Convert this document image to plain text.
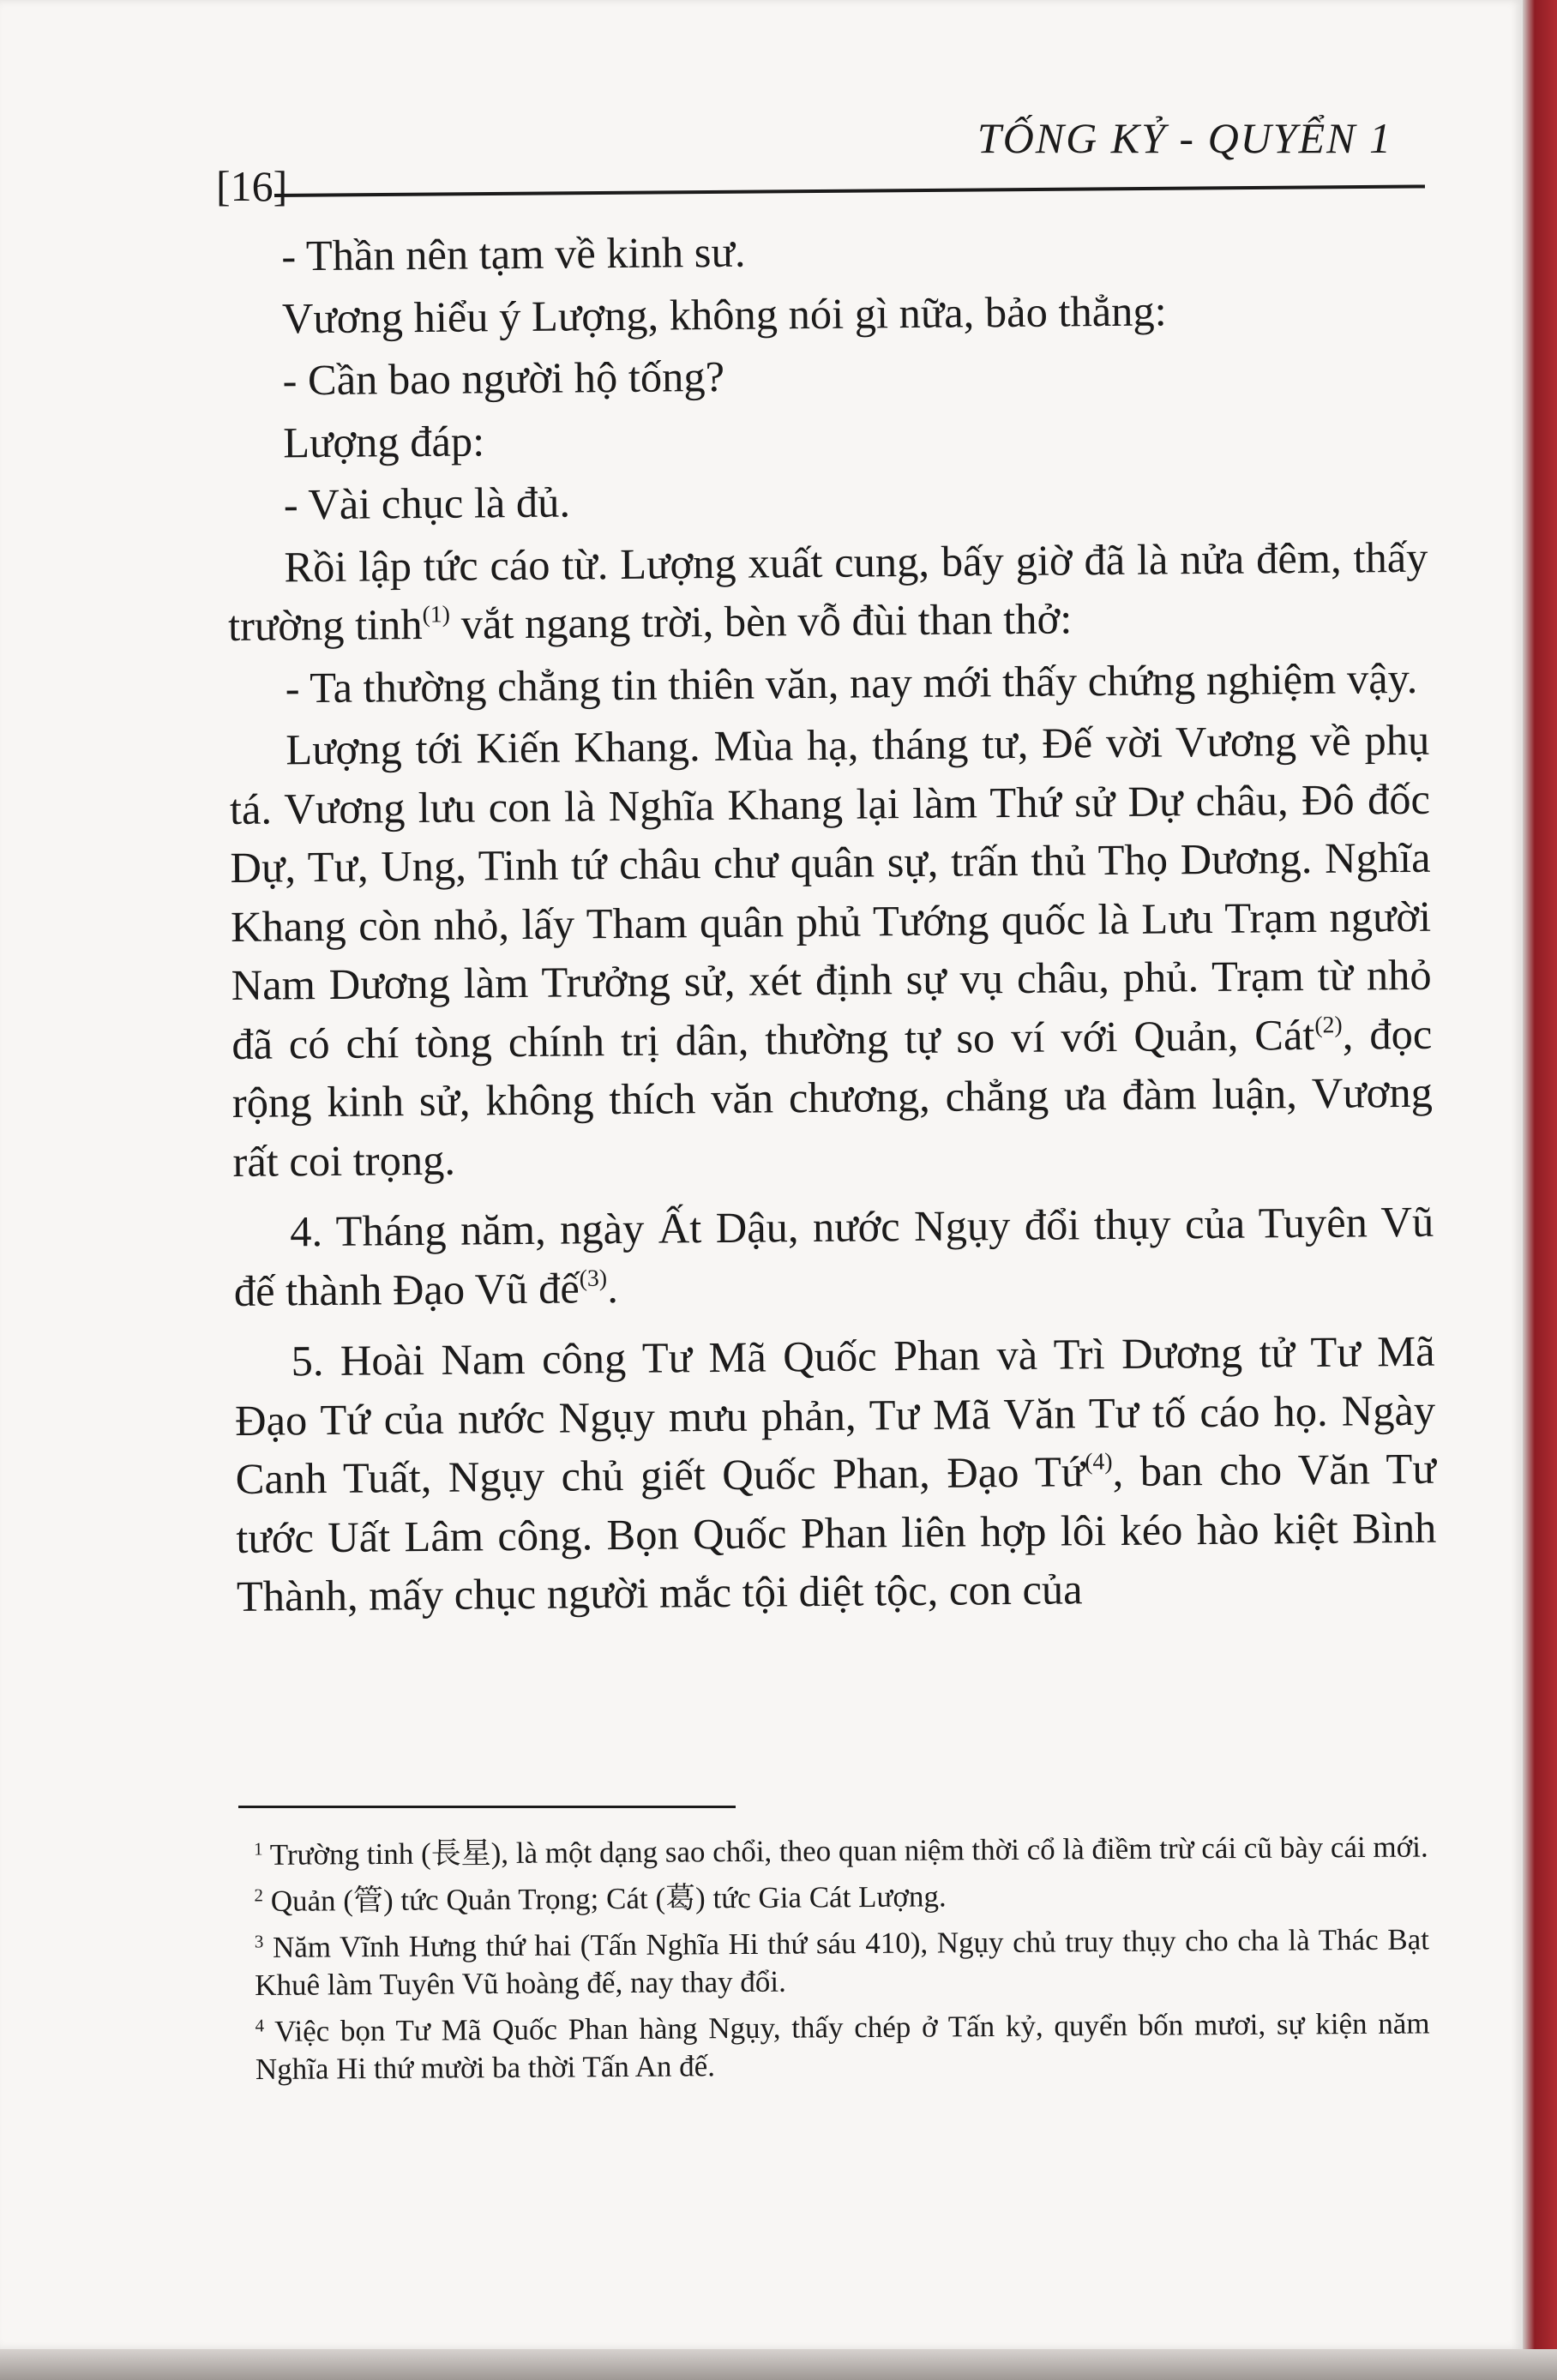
TỐNG KỶ - QUYỂN 1
[16]

- Thần nên tạm về kinh sư.

Vương hiểu ý Lượng, không nói gì nữa, bảo thẳng:

- Cần bao người hộ tống?

Lượng đáp:

- Vài chục là đủ.

Rồi lập tức cáo từ. Lượng xuất cung, bấy giờ đã là nửa đêm, thấy trường tinh$^{(1)}$ vắt ngang trời, bèn vỗ đùi than thở:

- Ta thường chẳng tin thiên văn, nay mới thấy chứng nghiệm vậy.

Lượng tới Kiến Khang. Mùa hạ, tháng tư, Đế vời Vương về phụ tá. Vương lưu con là Nghĩa Khang lại làm Thứ sử Dự châu, Đô đốc Dự, Tư, Ung, Tinh tứ châu chư quân sự, trấn thủ Thọ Dương. Nghĩa Khang còn nhỏ, lấy Tham quân phủ Tướng quốc là Lưu Trạm người Nam Dương làm Trưởng sử, xét định sự vụ châu, phủ. Trạm từ nhỏ đã có chí tòng chính trị dân, thường tự so ví với Quản, Cát$^{(2)}$, đọc rộng kinh sử, không thích văn chương, chẳng ưa đàm luận, Vương rất coi trọng.

4. Tháng năm, ngày Ất Dậu, nước Ngụy đổi thụy của Tuyên Vũ đế thành Đạo Vũ đế$^{(3)}$.

5. Hoài Nam công Tư Mã Quốc Phan và Trì Dương tử Tư Mã Đạo Tứ của nước Ngụy mưu phản, Tư Mã Văn Tư tố cáo họ. Ngày Canh Tuất, Ngụy chủ giết Quốc Phan, Đạo Tứ$^{(4)}$, ban cho Văn Tư tước Uất Lâm công. Bọn Quốc Phan liên hợp lôi kéo hào kiệt Bình Thành, mấy chục người mắc tội diệt tộc, con của

$^1$ Trường tinh (長星), là một dạng sao chổi, theo quan niệm thời cổ là điềm trừ cái cũ bày cái mới.

$^2$ Quản (管) tức Quản Trọng; Cát (葛) tức Gia Cát Lượng.

$^3$ Năm Vĩnh Hưng thứ hai (Tấn Nghĩa Hi thứ sáu 410), Ngụy chủ truy thụy cho cha là Thác Bạt Khuê làm Tuyên Vũ hoàng đế, nay thay đổi.

$^4$ Việc bọn Tư Mã Quốc Phan hàng Ngụy, thấy chép ở Tấn kỷ, quyển bốn mươi, sự kiện năm Nghĩa Hi thứ mười ba thời Tấn An đế.
